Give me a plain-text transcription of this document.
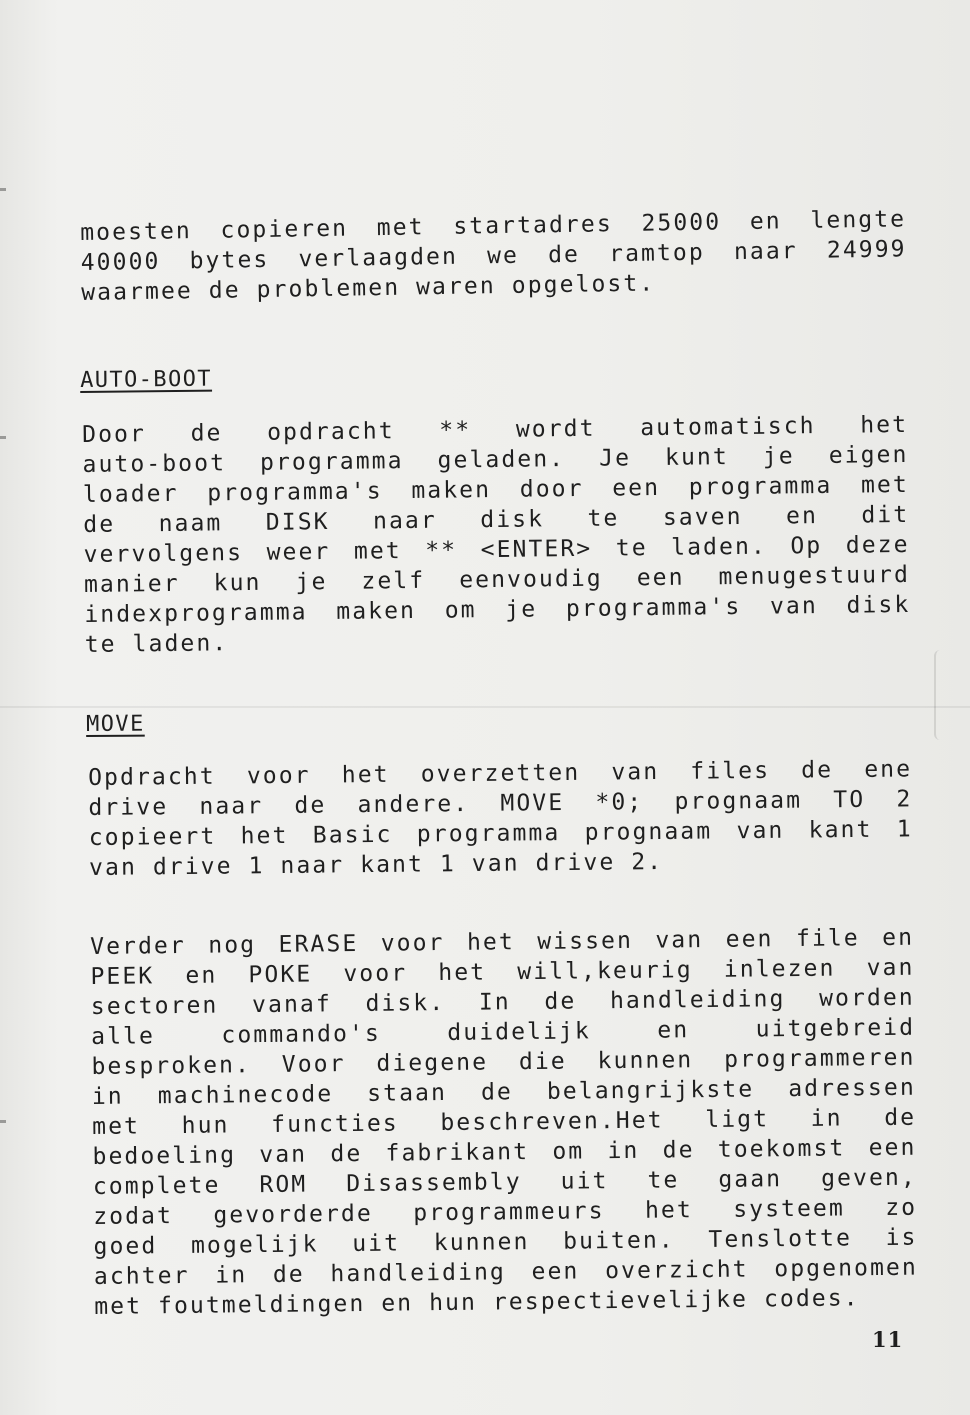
moesten copieren met startadres 25000 en lengte
40000 bytes verlaagden we de ramtop naar 24999
waarmee de problemen waren opgelost.
AUTO-BOOT
Door de opdracht ** wordt automatisch het
auto-boot programma geladen. Je kunt je eigen
loader programma's maken door een programma met
de naam DISK naar disk te saven en dit
vervolgens weer met ** <ENTER> te laden. Op deze
manier kun je zelf eenvoudig een menugestuurd
indexprogramma maken om je programma's van disk
te laden.
MOVE
Opdracht voor het overzetten van files de ene
drive naar de andere. MOVE *0; prognaam TO 2
copieert het Basic programma prognaam van kant 1
van drive 1 naar kant 1 van drive 2.
Verder nog ERASE voor het wissen van een file en
PEEK en POKE voor het will,keurig inlezen van
sectoren vanaf disk. In de handleiding worden
alle commando's duidelijk en uitgebreid
besproken. Voor diegene die kunnen programmeren
in machinecode staan de belangrijkste adressen
met hun functies beschreven.Het ligt in de
bedoeling van de fabrikant om in de toekomst een
complete ROM Disassembly uit te gaan geven,
zodat gevorderde programmeurs het systeem zo
goed mogelijk uit kunnen buiten. Tenslotte is
achter in de handleiding een overzicht opgenomen
met foutmeldingen en hun respectievelijke codes.
11
